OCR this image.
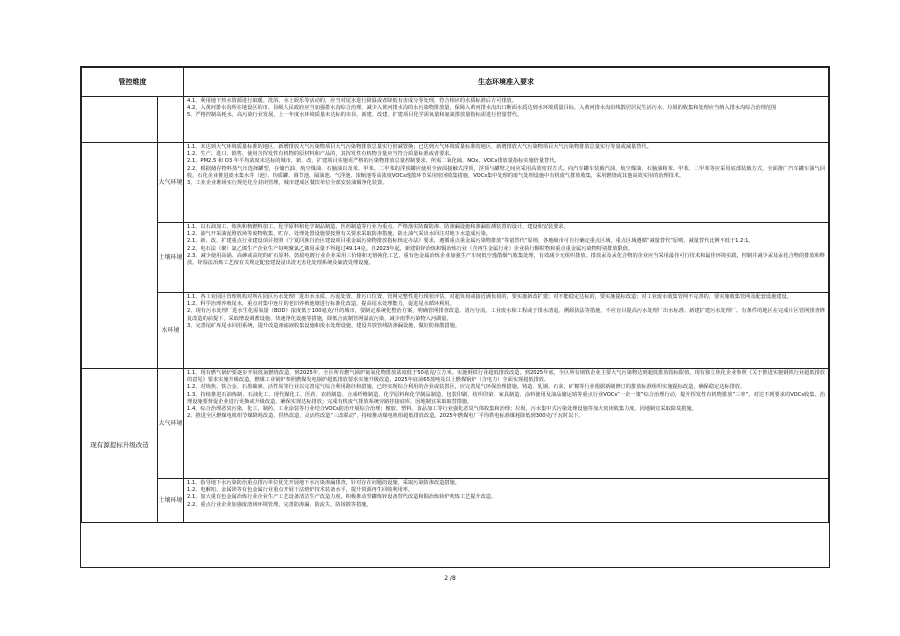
管控维度		生态环境准入要求

		4.1、利用地下热水资源进行取暖、洗浴、水上娱乐等活动的，应当对尾水进行降温或者降低有害成分等处理，符合相应的水质标准后方可排放。

4.2、入黄河排水沟所在地设区的市、县级人民政府应当加强排水沟综合治理，减少入黄河排水沟的水污染物排放量，保障入黄河排水沟出口断面水质达到水环境质量目标。入黄河排水沟沿线散居居民生活污水、垃圾的收集和处理应当纳入排水沟综合治理范围

5、严格控制高耗水、高污染行业发展，上一年度水环境质量未达标的市县，新建、改建、扩建项目化学需氧量和氨氮排放量指标需进行倍量替代。

	大气环境	1.1、未达到大气环境质量标准的地区，新增排放大气污染物项目大气污染物排放总量实行倍减置换；已达到大气环境质量标准的地区，新增排放大气污染物项目大气污染物排放总量实行等量或减量替代。

1.2、生产、进口、销售、使用含挥发性有机物的原材料和产品的，其挥发性有机物含量应当符合质量标准或者要求。

2.1、PM2.5 和 O3 年平均浓度未达标的城市，新、改、扩建项目实施更严格的污染物排放总量控制要求，所需二氧化硫、NOx、VOCs排放量指标实施倍量替代。

2.2、根据储存物料蒸气压选择罐型，存储汽油、航空煤油、石脑油以及苯、甲苯、二甲苯的浮顶罐应使用全液面接触式浮顶，浮顶与罐壁之间应采用高效密封方式。向汽车罐车装载汽油、航空煤油、石脑油和苯、甲苯、二甲苯等应采用底部装载方式，全面推广汽车罐车油气回收。石化企业推进废水集水井（池）、均质罐、调节池、隔油池、气浮池、浓缩池等高浓度VOCs逸散环节采用密闭收集措施，VOCs集中处理的废气处理设施中有机废气排放收集，采用燃烧或其他高效实用的治理技术。

3、工业企业堆场实行规范化全封闭管理，城市建成区餐饮单位全部安装油烟净化装置。

	土壤环境	1.1、以石油加工、炼焦和核燃料加工、化学原料和化学制品制造、医药制造等行业为重点，严格落实防腐防渗、防渗漏设施和渗漏监测装置的设计、建设和安装要求。

1.2、油气开采油泥堆放场等废物收集、贮存、处理处置设施要按照有关要求采取防渗措施，防止油气采出水回注对地下水造成污染。

2.1、新、改、扩建重点行业建设项目按照《宁夏回族自治区建设项目重金属污染物排放指标核定办法》要求，遵循重点重金属污染物排放“等量替代”原则，各地级市可自行确定重点区域，重点区域遵循“减量替代”原则，减量替代比例不低于1.2:1。

2.2、电石法（聚）氯乙烯生产企业生产每吨聚氯乙烯用汞量不得超过49.14克。自2023年起，新建铅锌冶炼和铜冶炼行业（含再生金属行业）企业执行颗粒物和重点重金属污染物特别排放限值。

2.3、减少使用高镉、高砷或高铊的矿石原料，鼓励电镀行业企业采用三价铬和无铬钝化工艺。重有色金属冶炼企业加强生产车间低空逸散烟气收集处理，有效减少无组织排放。排放汞及汞化合物的企业应当采用最佳可行技术和最佳环境实践，控制并减少汞及汞化合物的排放和释放。锌湿法冶炼工艺按有关规定配套建设浸出渣无害化处理系统及硫渣处理设施。

	水环境	1.1、各工业园区管理机构对所在园区污水处理厂进出水水质、污泥处置、排污口位置、管网完整性进行现状评估，对超负荷或接近满负荷的，要实施新改扩建；对不能稳定达标的，要实施提标改造；对工业废水收集管网不完善的，要实施收集管网及配套设施建设。

1.2、科学治理养殖尾水，重点对集中连片的老旧养殖池塘进行标准化改造，提高尾水处理能力，促进尾水循环利用。

2、现有污水处理厂进水生化需氧量（BOD）浓度低于100毫克/升的城市，要制定系统化整治方案，明确管网排查改造、清污分流、工业废水和工程或于排水清退、溯源执法等措施，不应盲目提高污水处理厂出水标准、新建扩建污水处理厂。有条件的地区在完成片区管网排查修复改造的前提下，采取增设调蓄设施、快速净化设施等措施，降低合流制管网溢流污染，减少雨季污染物入河湖量。

3、完善尾矿库尾水回用系统，提升改造渗滤液收集设施和废水处理设施，建设井放管线防渗漏设施，做好防扬散措施。

现有源提标升级改造	大气环境	1.1、现有燃气锅炉要逐步开展低氮燃烧改造，到2025年，全区所有燃气锅炉氮氧化物排放浓度低于50毫克/立方米。实施钢铁行业超低排放改造，到2025年底，全区所有钢铁企业主要大气污染物达到超低排放指标限值。现有独立焦化企业参照《关于推进实施钢铁行业超低排放的意见》要求实施升级改造。燃煤工业锅炉参照燃煤发电锅炉超低排放要求实施升级改造，2025年底前65蒸吨及以上燃煤锅炉（含电力）全面实现超低排放。

1.2、对炼焦、铁合金、石墨碳素、活性炭等行业以完善尾气综合利用路径和措施，已经实现综合利用的企业或装置区，应完善尾气环保治理措施。铸造、轧钢、石灰、矿棉等行业根据新制修订的排放标准组织实施提标改造，确保稳定达标排放。

1.3、持续推进石油炼制、石油化工、现代煤化工、医药、农药制造、合成纤维制造、化学原料和化学制品制造、包装印刷、纺织印染、家具制造、涂料使用及油品储运销等重点行业VOCs“一企一策”综合治理行动，提升挥发性有机物排放“三率”，对达不到要求的VOCs收集、治理设施要督促企业进行更换或升级改造，确保实现达标排放；完成有机废气排放系统旁路挂接底库，因地制宜采取取替措施。

1.4、综合治理恶臭污染，化工、制药、工业涂装等行业结合VOCs防治开展综合治理；橡胶、塑料、食品加工等行业强化恶臭气体收集和治理；垃圾、污水集中式污染处理设施等加大密闭收集力度，因地制宜采取除臭措施。

2、推进全区燃煤电机组节煤降耗改造、供热改造、灵活性改造“三改联动”，持续推动煤电机组超低排放改造。2025年燃煤电厂平均供电标准煤耗降低到300克/千瓦时以下。

	土壤环境	1.1、指导地下水污染防治重点排污单位优先开展地下水污染渗漏排查，针对存在问题的设施，采取污染防渗改造措施。

1.2、电解铝、金属镁等有色金属行业重点开展干法熔炉技术装备水平，提升资源再生回收利用率。

2.1、加大重有色金属冶炼行业企业生产工艺设备清洁生产改造力度，积极推动竖罐炼锌设备替代改造和铜冶炼转炉吹炼工艺提升改造。

2.2、重点行业企业加强废渣场环境管理，完善防渗漏、防流失、防扬散等措施。

2 /8
